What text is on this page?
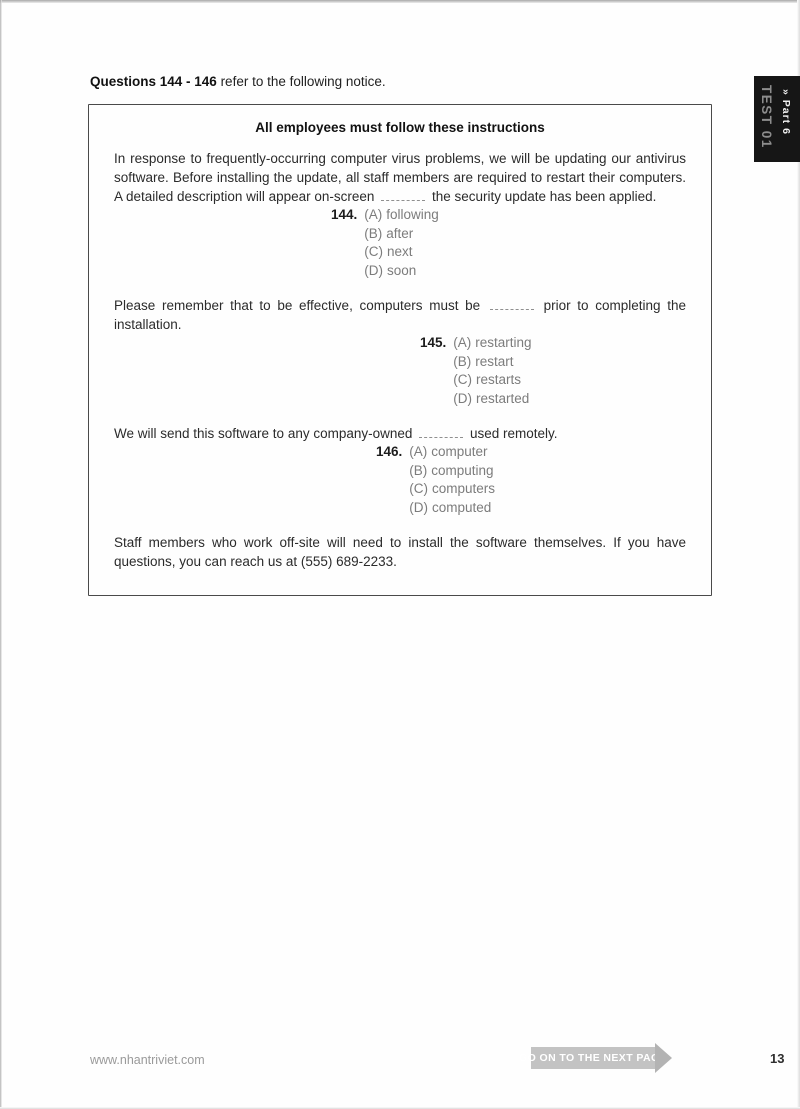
Questions 144 - 146 refer to the following notice.
TEST 01 » Part 6

All employees must follow these instructions

In response to frequently-occurring computer virus problems, we will be updating our antivirus software. Before installing the update, all staff members are required to restart their computers. A detailed description will appear on-screen	the security update has been applied.

144. (A) following
(B) after
(C) next
(D) soon

Please remember that to be effective, computers must be	prior to completing the installation.

145. (A) restarting
(B) restart
(C) restarts
(D) restarted

We will send this software to any company-owned	used remotely.

146. (A) computer
(B) computing
(C) computers
(D) computed

Staff members who work off-site will need to install the software themselves. If you have questions, you can reach us at (555) 689-2233.

www.nhantriviet.com	GO ON TO THE NEXT PAGE	13
